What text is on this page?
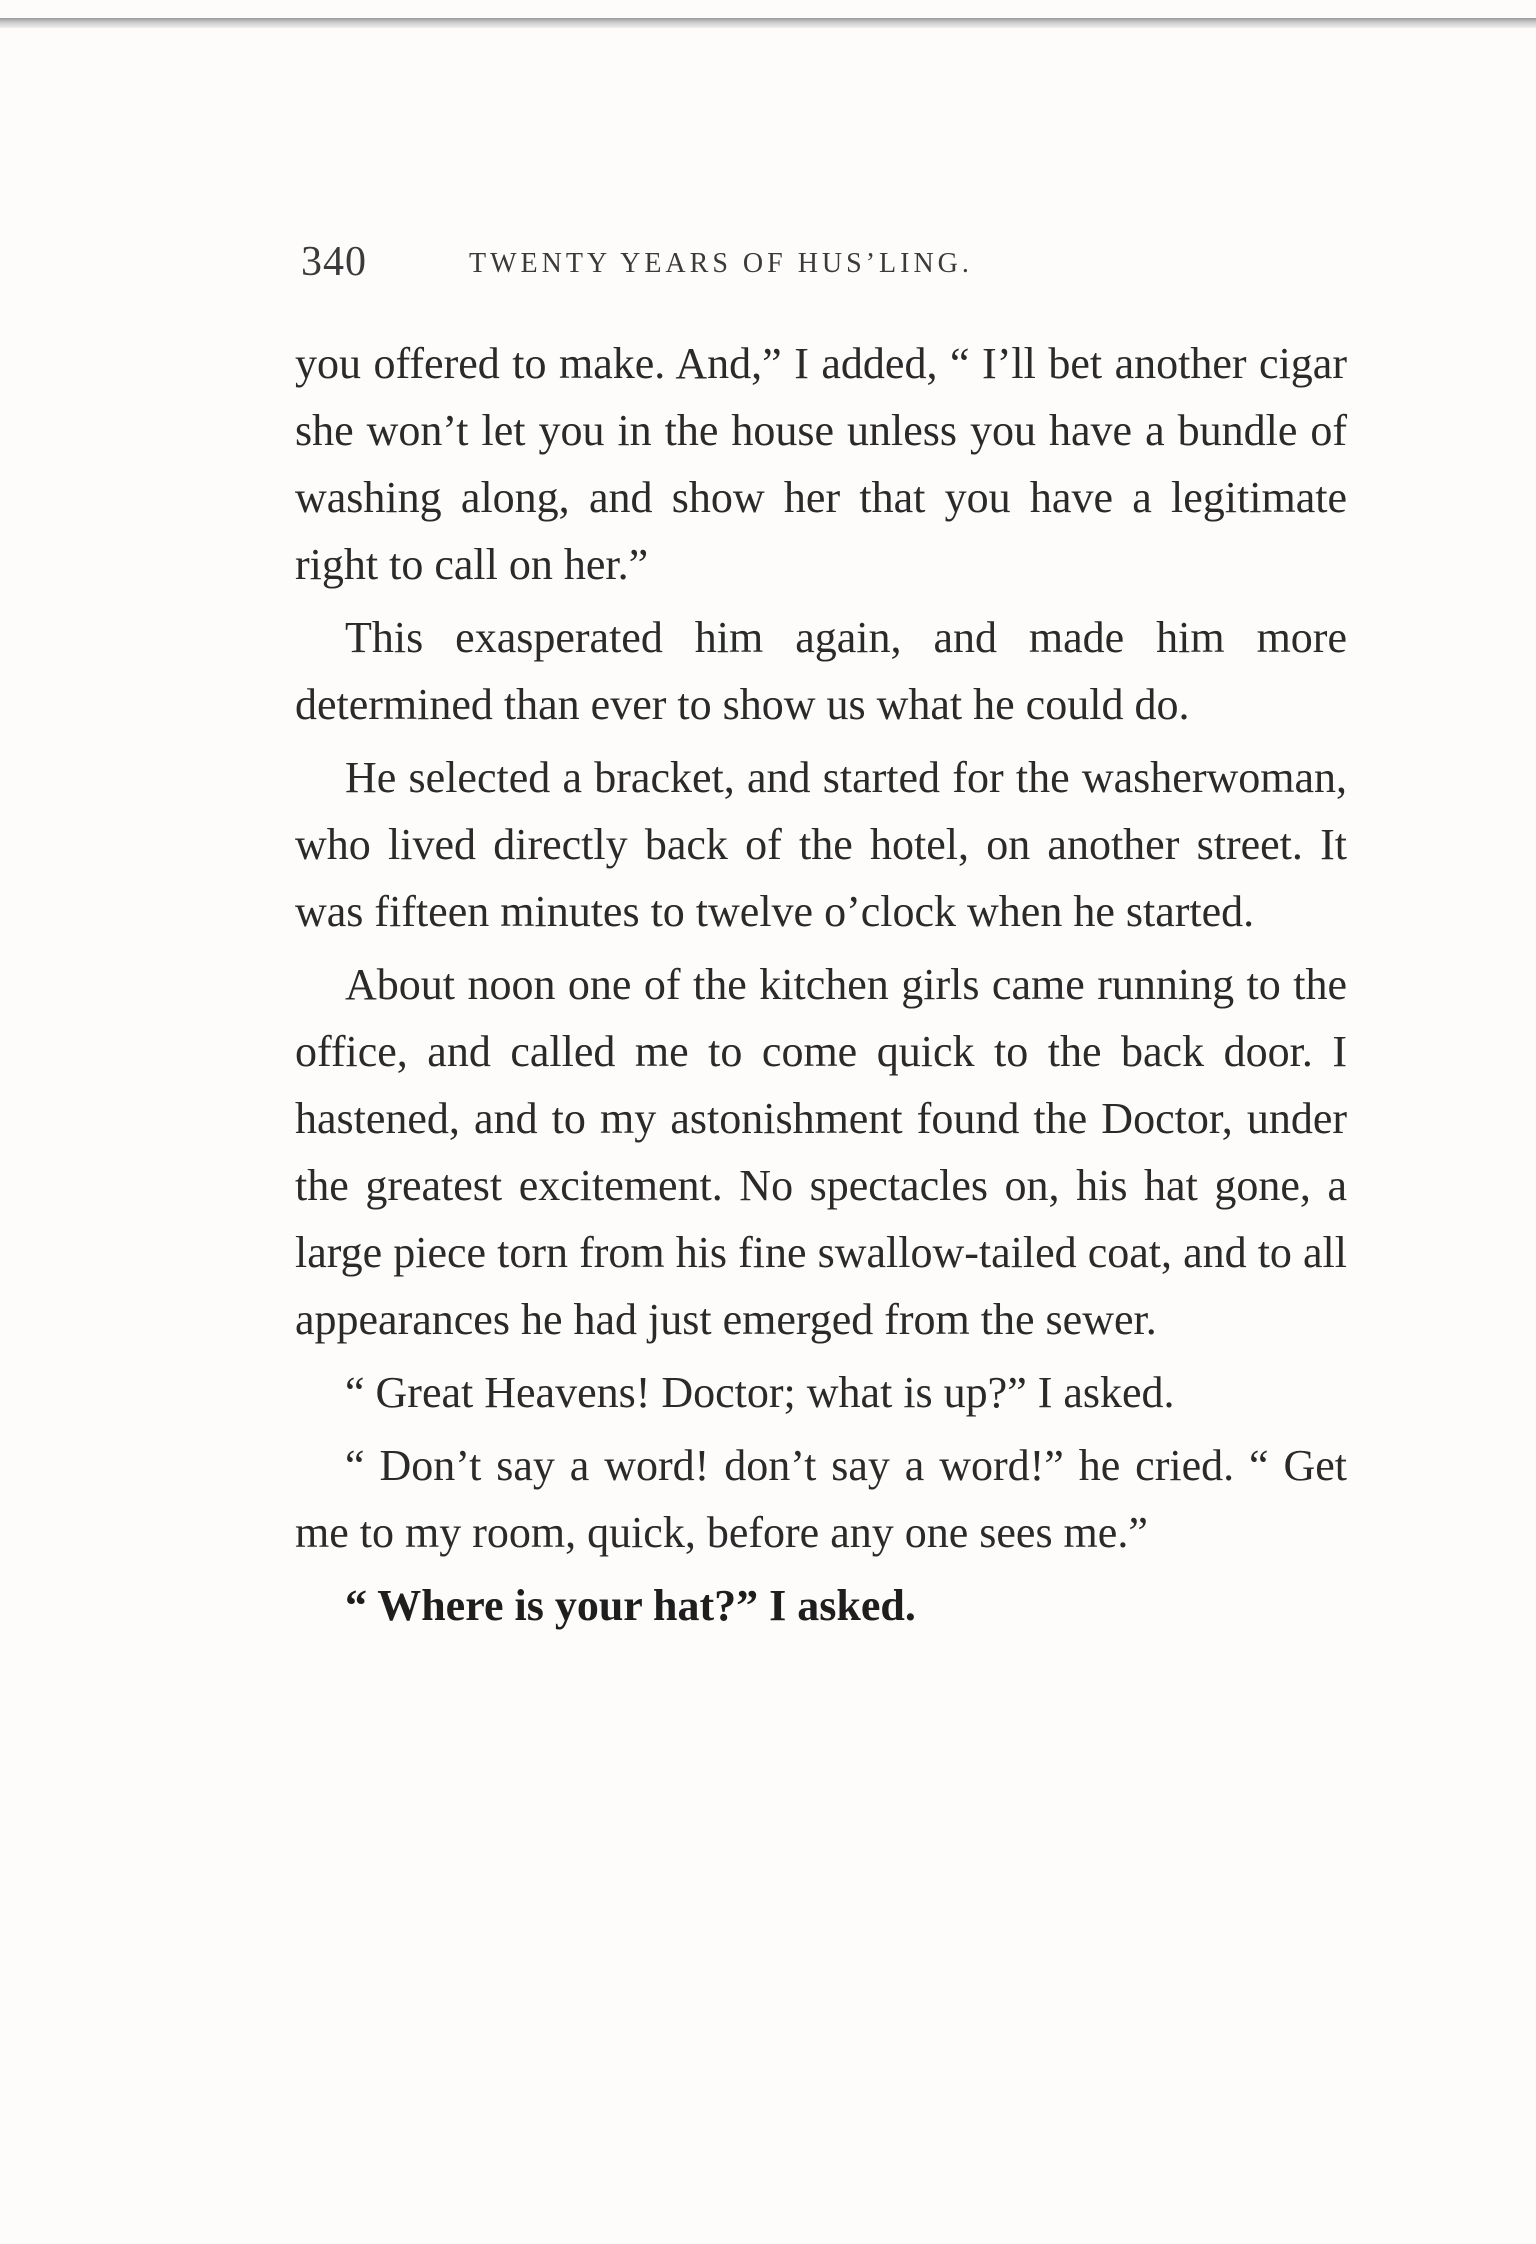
340	TWENTY YEARS OF HUS’LING.

you offered to make. And,” I added, “ I’ll bet another cigar she won’t let you in the house unless you have a bundle of washing along, and show her that you have a legitimate right to call on her.”

This exasperated him again, and made him more determined than ever to show us what he could do.

He selected a bracket, and started for the washerwoman, who lived directly back of the hotel, on another street. It was fifteen minutes to twelve o’clock when he started.

About noon one of the kitchen girls came running to the office, and called me to come quick to the back door. I hastened, and to my astonishment found the Doctor, under the greatest excitement. No spectacles on, his hat gone, a large piece torn from his fine swallow-tailed coat, and to all appearances he had just emerged from the sewer.

“ Great Heavens! Doctor; what is up?” I asked.

“ Don’t say a word! don’t say a word!” he cried. “ Get me to my room, quick, before any one sees me.”

“ Where is your hat?” I asked.
